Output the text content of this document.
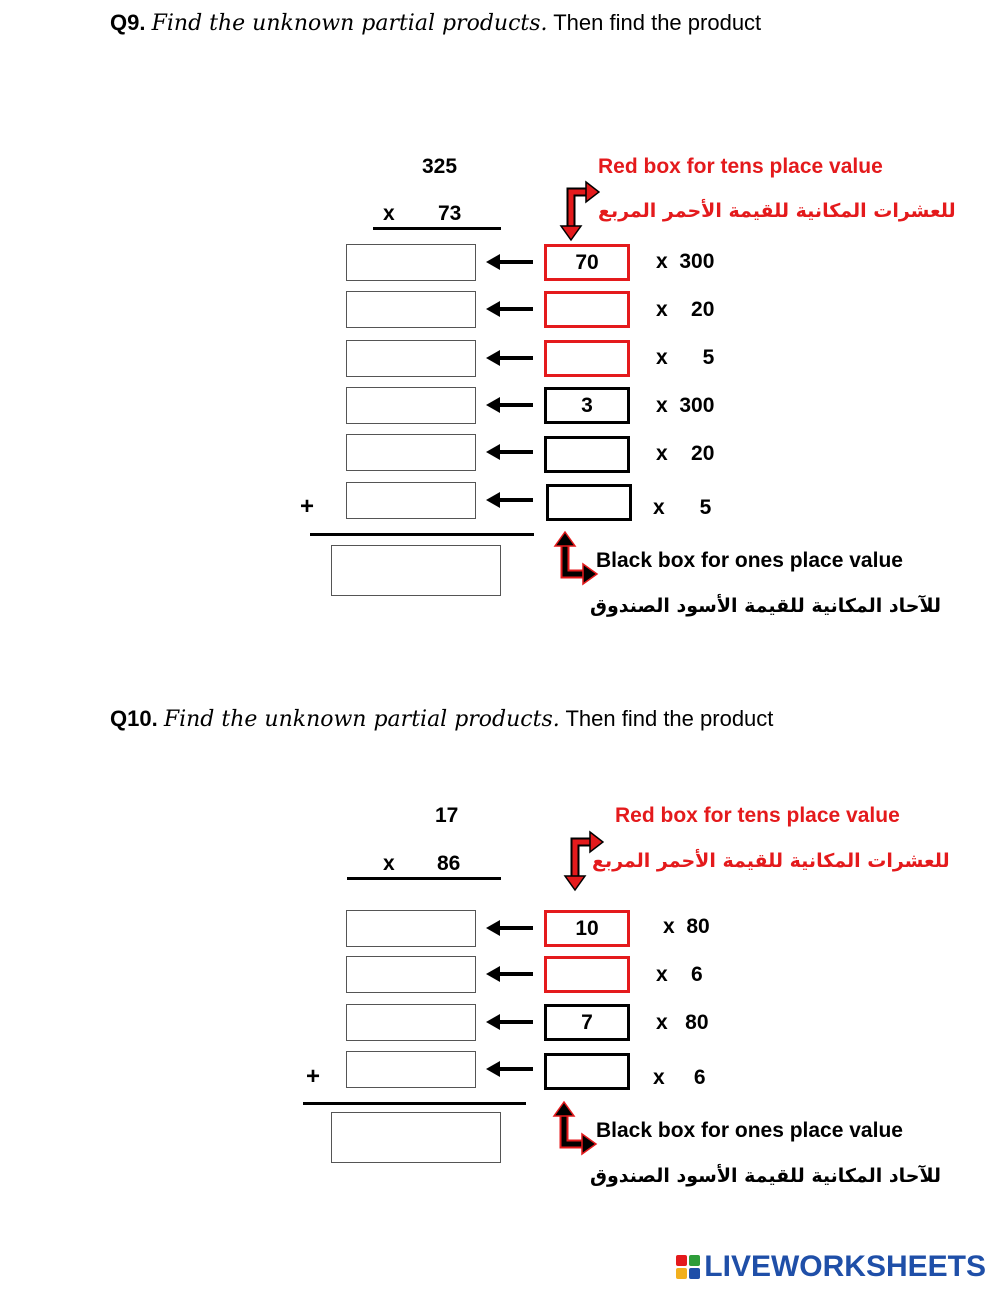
Q9. Find the unknown partial products. Then find the product
325
x 73
Red box for tens place value
للعشرات المكانية للقيمة الأحمر المربع
70	x  300
x    20
x      5
3	x  300
x    20
x      5
+
Black box for ones place value
للآحاد المكانية للقيمة الأسود الصندوق
Q10. Find the unknown partial products. Then find the product
17
x 86
Red box for tens place value
للعشرات المكانية للقيمة الأحمر المربع
10	x  80
x    6
7	x   80
x     6
+
Black box for ones place value
للآحاد المكانية للقيمة الأسود الصندوق
LIVEWORKSHEETS
